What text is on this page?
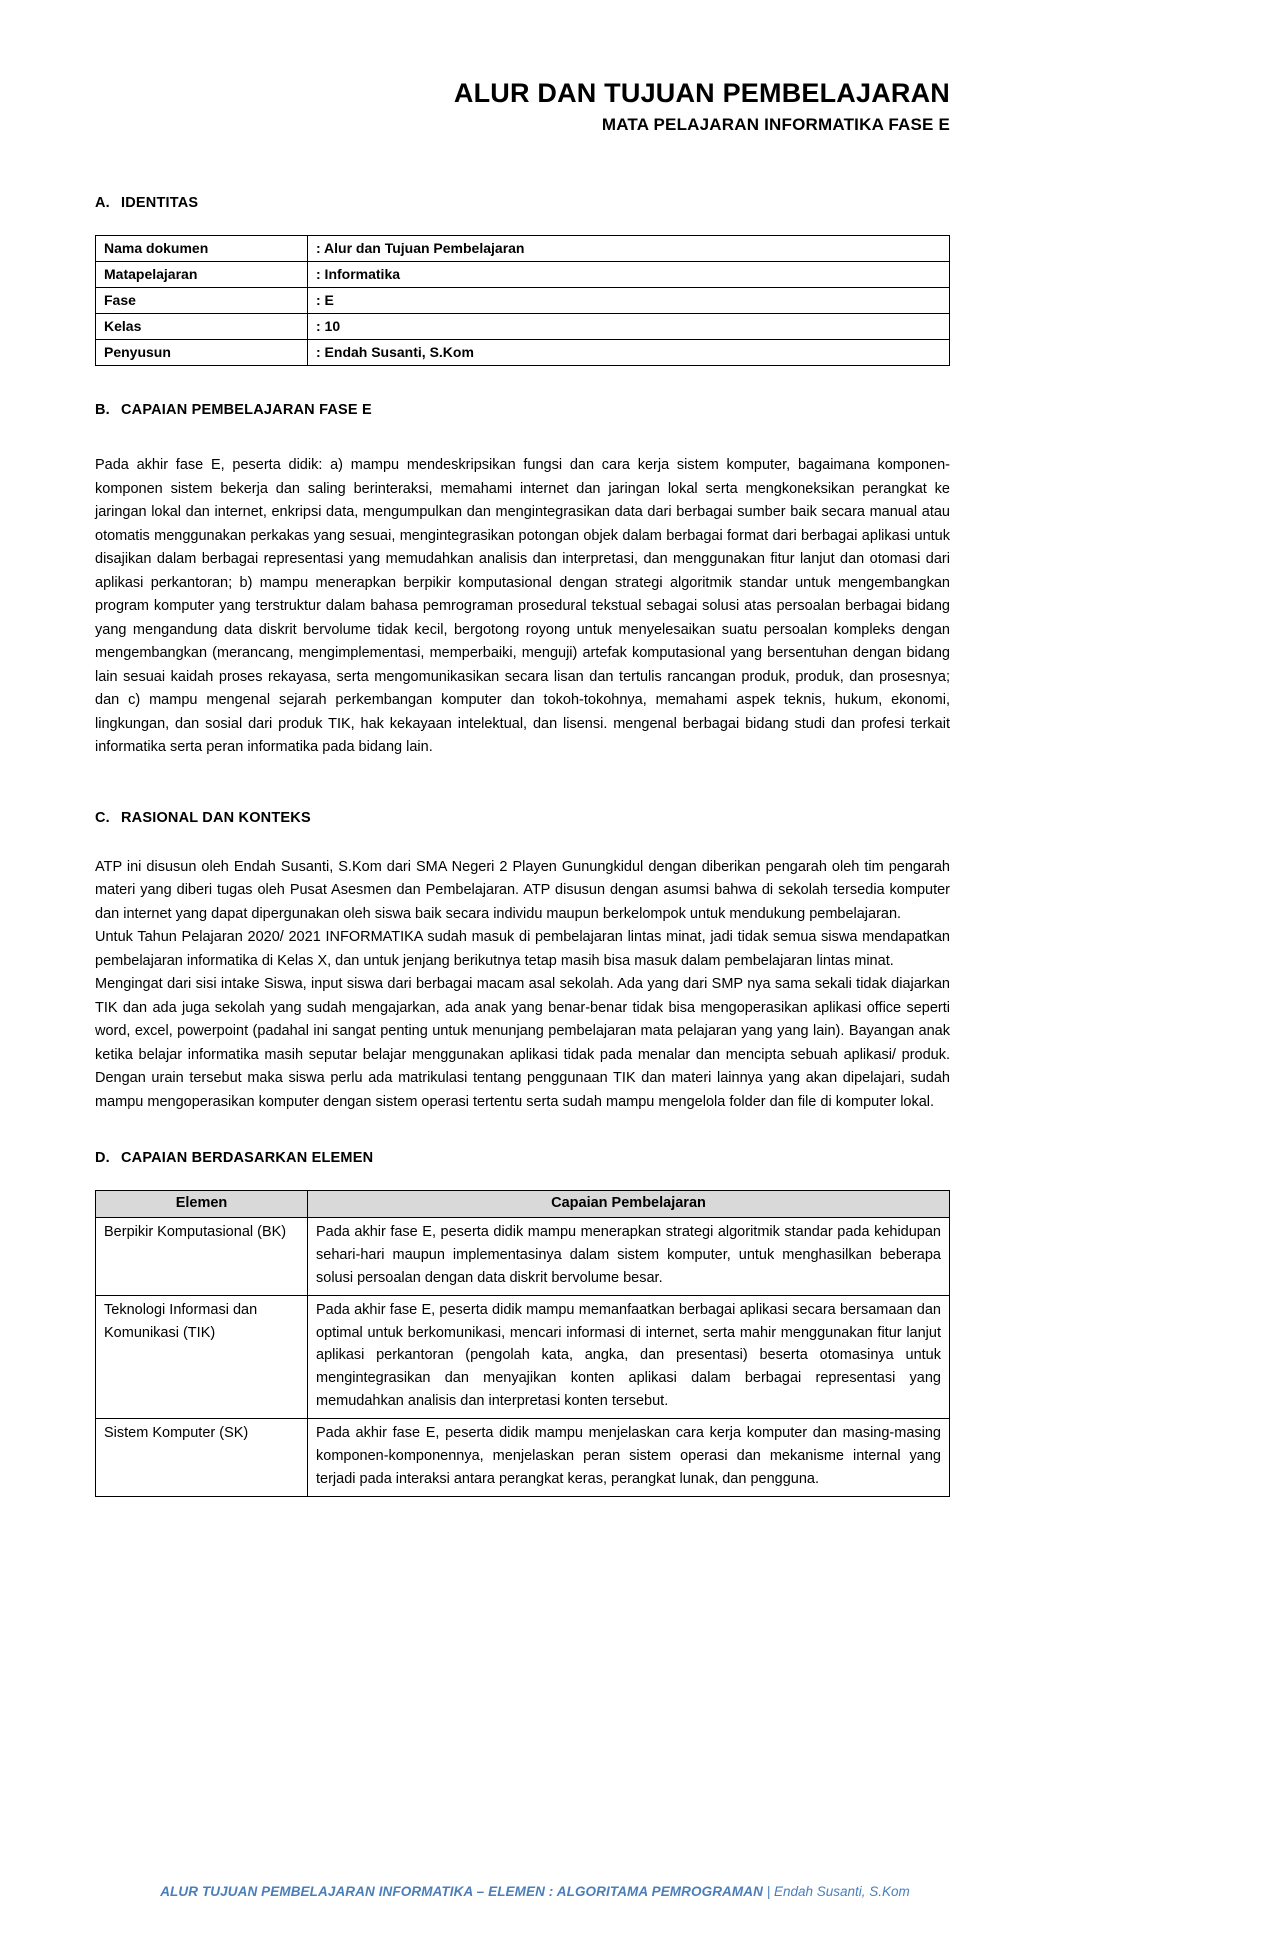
ALUR DAN TUJUAN PEMBELAJARAN
MATA PELAJARAN INFORMATIKA FASE E
A. IDENTITAS
Nama dokumen	: Alur dan Tujuan Pembelajaran
Matapelajaran	: Informatika
Fase	: E
Kelas	: 10
Penyusun	: Endah Susanti, S.Kom
B. CAPAIAN PEMBELAJARAN FASE E

Pada akhir fase E, peserta didik: a) mampu mendeskripsikan fungsi dan cara kerja sistem komputer, bagaimana komponen-komponen sistem bekerja dan saling berinteraksi, memahami internet dan jaringan lokal serta mengkoneksikan perangkat ke jaringan lokal dan internet, enkripsi data, mengumpulkan dan mengintegrasikan data dari berbagai sumber baik secara manual atau otomatis menggunakan perkakas yang sesuai, mengintegrasikan potongan objek dalam berbagai format dari berbagai aplikasi untuk disajikan dalam berbagai representasi yang memudahkan analisis dan interpretasi, dan menggunakan fitur lanjut dan otomasi dari aplikasi perkantoran; b) mampu menerapkan berpikir komputasional dengan strategi algoritmik standar untuk mengembangkan program komputer yang terstruktur dalam bahasa pemrograman prosedural tekstual sebagai solusi atas persoalan berbagai bidang yang mengandung data diskrit bervolume tidak kecil, bergotong royong untuk menyelesaikan suatu persoalan kompleks dengan mengembangkan (merancang, mengimplementasi, memperbaiki, menguji) artefak komputasional yang bersentuhan dengan bidang lain sesuai kaidah proses rekayasa, serta mengomunikasikan secara lisan dan tertulis rancangan produk, produk, dan prosesnya; dan c) mampu mengenal sejarah perkembangan komputer dan tokoh-tokohnya, memahami aspek teknis, hukum, ekonomi, lingkungan, dan sosial dari produk TIK, hak kekayaan intelektual, dan lisensi. mengenal berbagai bidang studi dan profesi terkait informatika serta peran informatika pada bidang lain.

C. RASIONAL DAN KONTEKS

ATP ini disusun oleh Endah Susanti, S.Kom dari SMA Negeri 2 Playen Gunungkidul dengan diberikan pengarah oleh tim pengarah materi yang diberi tugas oleh Pusat Asesmen dan Pembelajaran. ATP disusun dengan asumsi bahwa di sekolah tersedia komputer dan internet yang dapat dipergunakan oleh siswa baik secara individu maupun berkelompok untuk mendukung pembelajaran.

Untuk Tahun Pelajaran 2020/ 2021 INFORMATIKA sudah masuk di pembelajaran lintas minat, jadi tidak semua siswa mendapatkan pembelajaran informatika di Kelas X, dan untuk jenjang berikutnya tetap masih bisa masuk dalam pembelajaran lintas minat.

Mengingat dari sisi intake Siswa, input siswa dari berbagai macam asal sekolah. Ada yang dari SMP nya sama sekali tidak diajarkan TIK dan ada juga sekolah yang sudah mengajarkan, ada anak yang benar-benar tidak bisa mengoperasikan aplikasi office seperti word, excel, powerpoint (padahal ini sangat penting untuk menunjang pembelajaran mata pelajaran yang yang lain). Bayangan anak ketika belajar informatika masih seputar belajar menggunakan aplikasi tidak pada menalar dan mencipta sebuah aplikasi/ produk. Dengan urain tersebut maka siswa perlu ada matrikulasi tentang penggunaan TIK dan materi lainnya yang akan dipelajari, sudah mampu mengoperasikan komputer dengan sistem operasi tertentu serta sudah mampu mengelola folder dan file di komputer lokal.

D. CAPAIAN BERDASARKAN ELEMEN
Elemen	Capaian Pembelajaran
Berpikir Komputasional (BK)	Pada akhir fase E, peserta didik mampu menerapkan strategi algoritmik standar pada kehidupan sehari-hari maupun implementasinya dalam sistem komputer, untuk menghasilkan beberapa solusi persoalan dengan data diskrit bervolume besar.
Teknologi Informasi dan Komunikasi (TIK)	Pada akhir fase E, peserta didik mampu memanfaatkan berbagai aplikasi secara bersamaan dan optimal untuk berkomunikasi, mencari informasi di internet, serta mahir menggunakan fitur lanjut aplikasi perkantoran (pengolah kata, angka, dan presentasi) beserta otomasinya untuk mengintegrasikan dan menyajikan konten aplikasi dalam berbagai representasi yang memudahkan analisis dan interpretasi konten tersebut.
Sistem Komputer (SK)	Pada akhir fase E, peserta didik mampu menjelaskan cara kerja komputer dan masing-masing komponen-komponennya, menjelaskan peran sistem operasi dan mekanisme internal yang terjadi pada interaksi antara perangkat keras, perangkat lunak, dan pengguna.
ALUR TUJUAN PEMBELAJARAN INFORMATIKA – ELEMEN : ALGORITAMA PEMROGRAMAN | Endah Susanti, S.Kom
